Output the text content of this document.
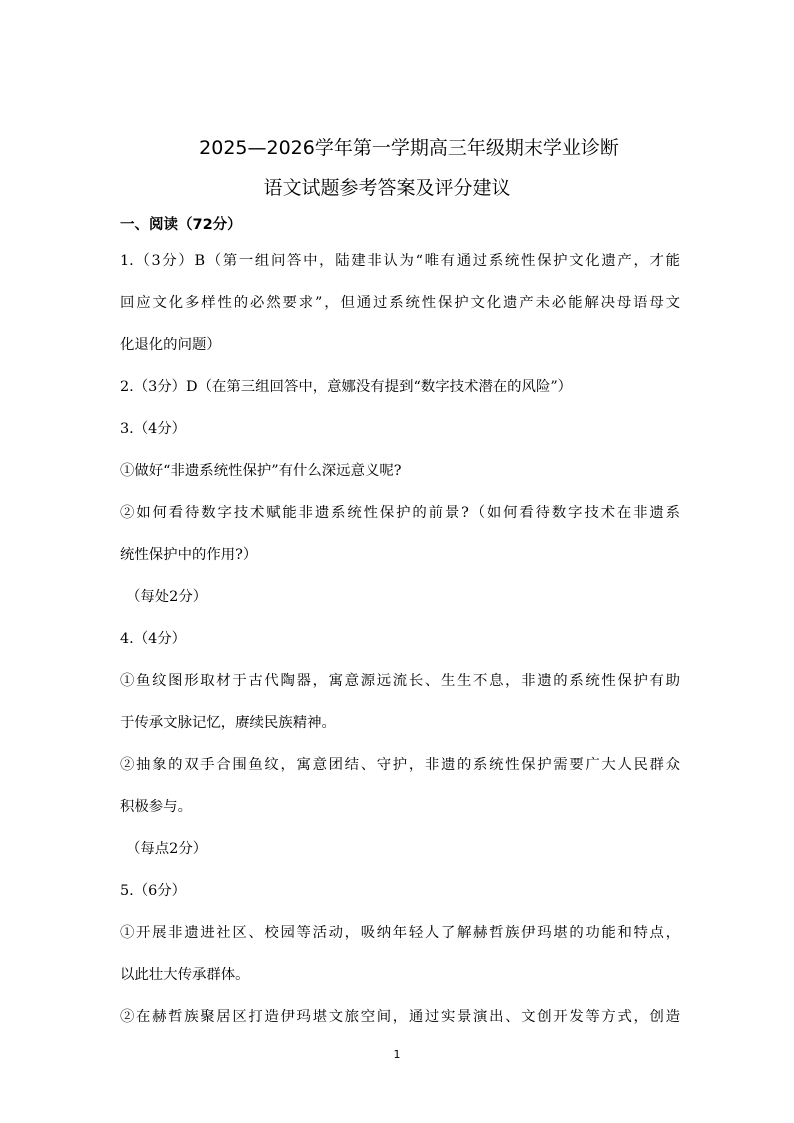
2025—2026学年第一学期高三年级期末学业诊断
语文试题参考答案及评分建议
一、阅读（72分）
1.（3分）B（第一组问答中，陆建非认为“唯有通过系统性保护文化遗产，才能
回应文化多样性的必然要求”，但通过系统性保护文化遗产未必能解决母语母文
化退化的问题）
2.（3分）D（在第三组回答中，意娜没有提到“数字技术潜在的风险”）
3.（4分）
①做好“非遗系统性保护”有什么深远意义呢?
②如何看待数字技术赋能非遗系统性保护的前景?（如何看待数字技术在非遗系
统性保护中的作用?）
（每处2分）
4.（4分）
①鱼纹图形取材于古代陶器，寓意源远流长、生生不息，非遗的系统性保护有助
于传承文脉记忆，赓续民族精神。
②抽象的双手合围鱼纹，寓意团结、守护，非遗的系统性保护需要广大人民群众
积极参与。
（每点2分）
5.（6分）
①开展非遗进社区、校园等活动，吸纳年轻人了解赫哲族伊玛堪的功能和特点，
以此壮大传承群体。
②在赫哲族聚居区打造伊玛堪文旅空间，通过实景演出、文创开发等方式，创造
1
